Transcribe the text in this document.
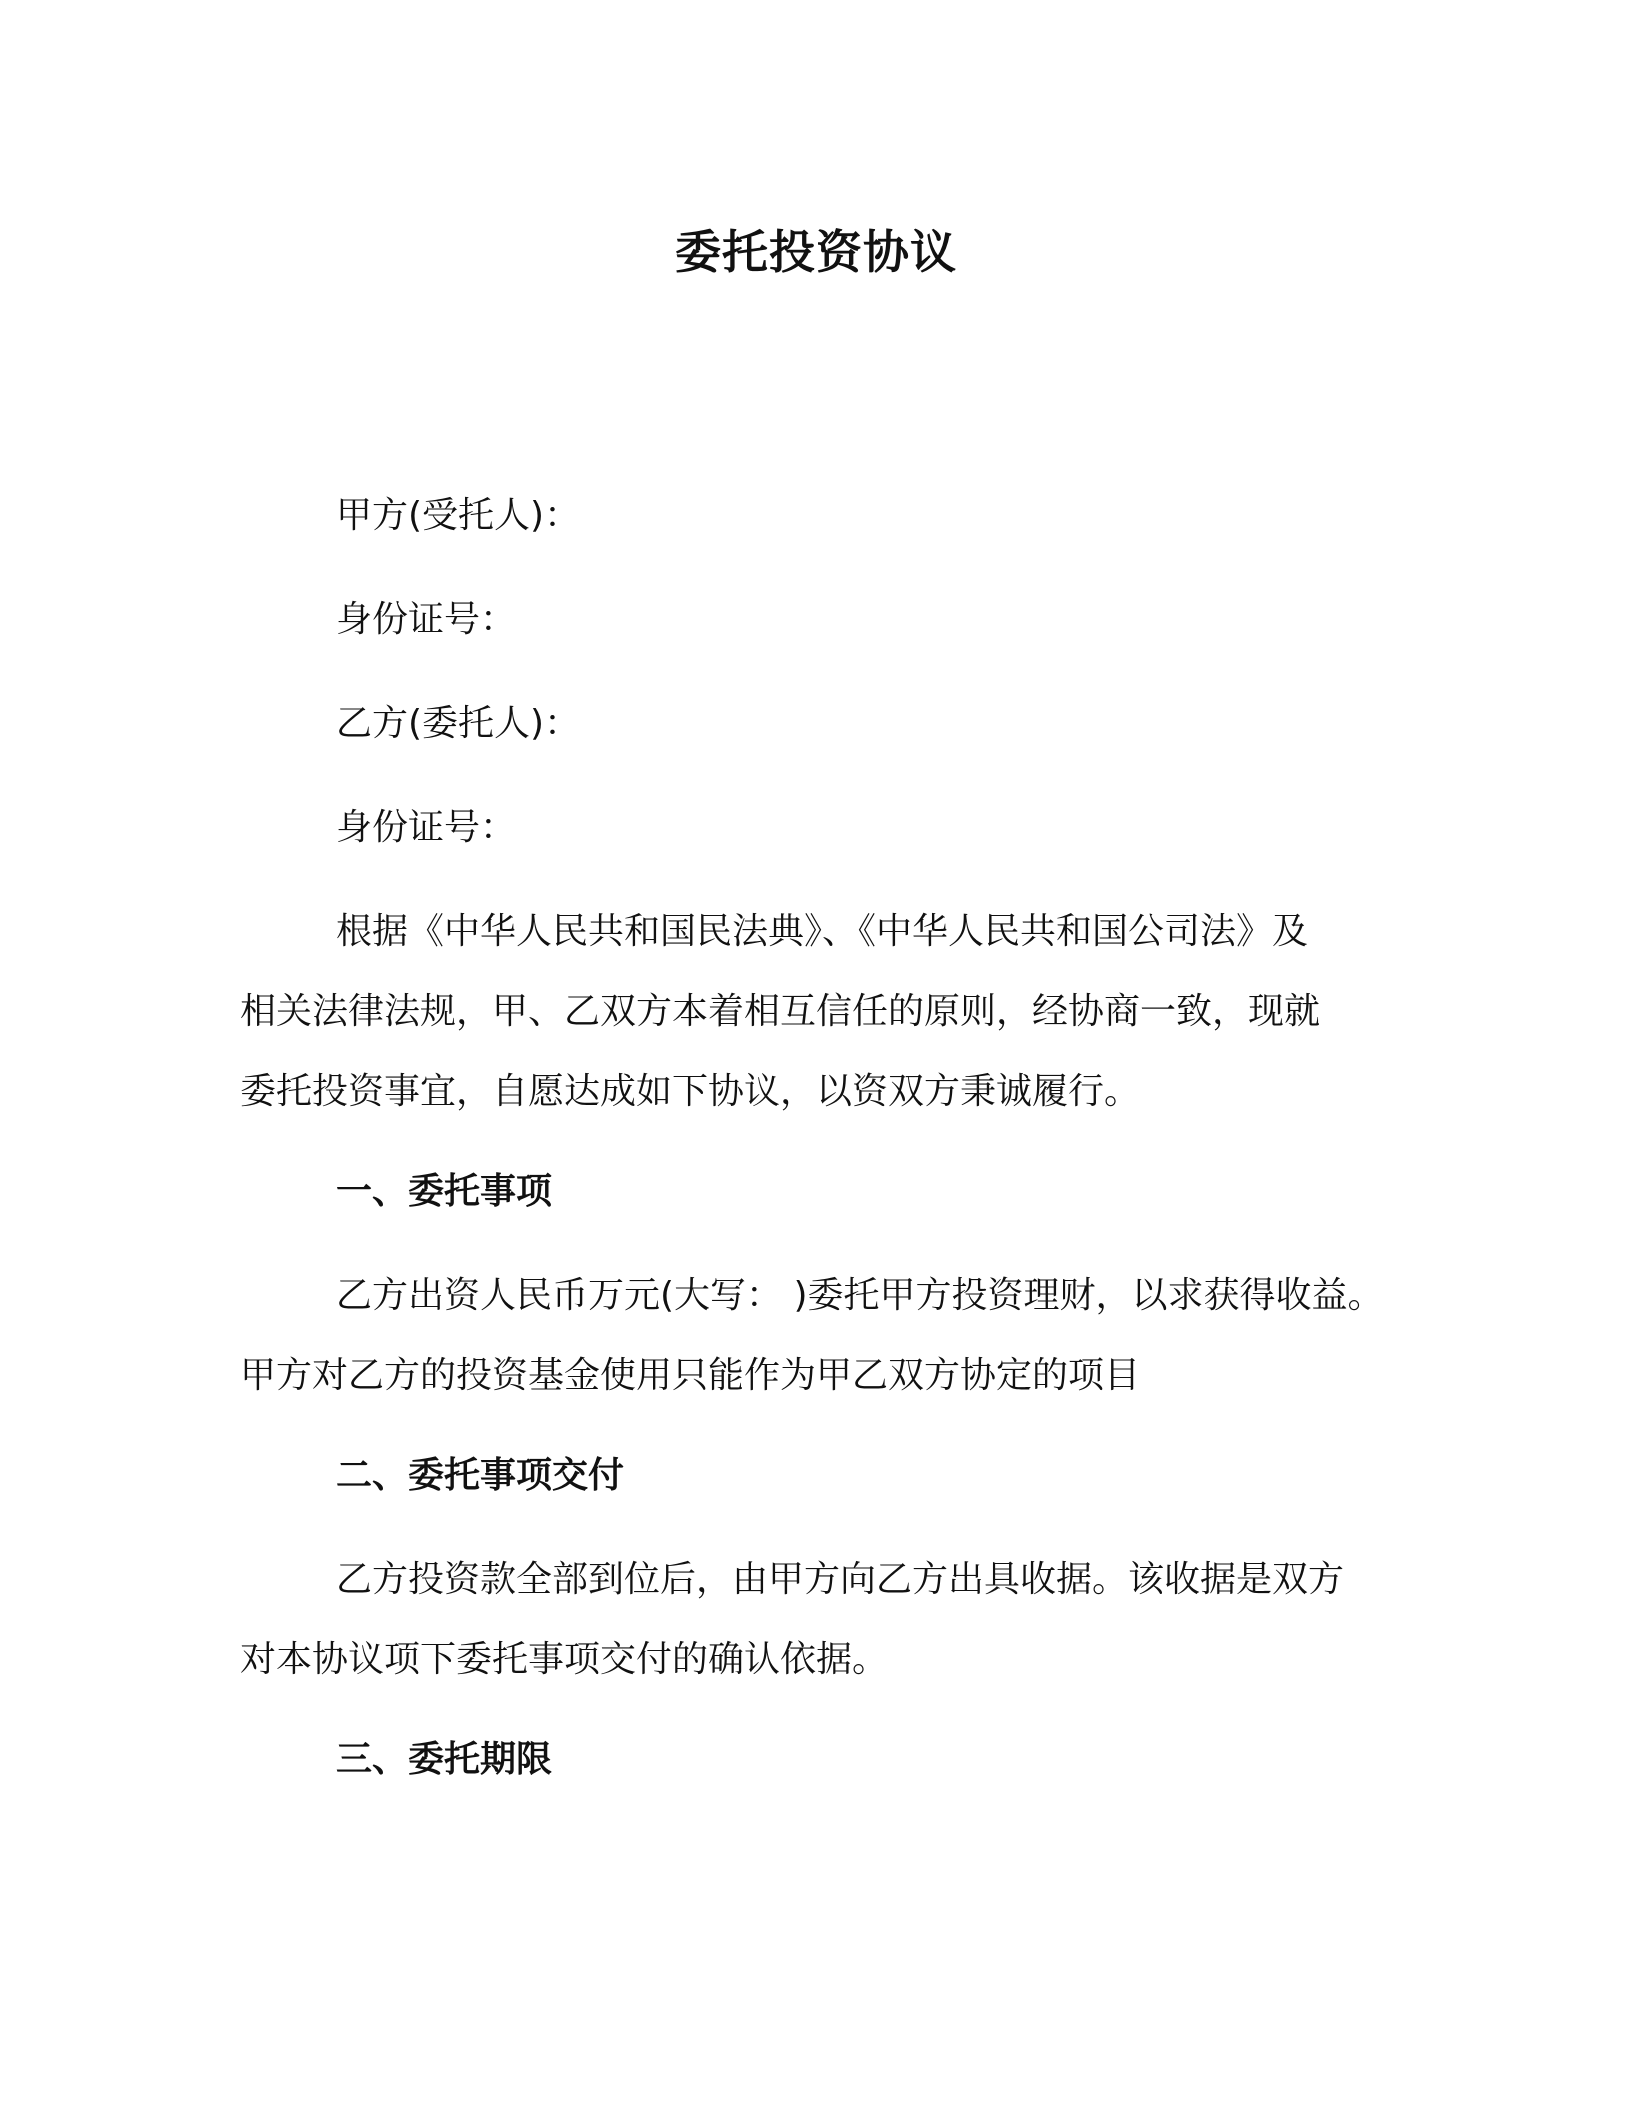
委托投资协议
甲方(受托人)：
身份证号：
乙方(委托人)：
身份证号：
根据《中华人民共和国民法典》、《中华人民共和国公司法》及
相关法律法规，甲、乙双方本着相互信任的原则，经协商一致，现就
委托投资事宜，自愿达成如下协议，以资双方秉诚履行。
一、委托事项
乙方出资人民币万元(大写： )委托甲方投资理财，以求获得收益。
甲方对乙方的投资基金使用只能作为甲乙双方协定的项目
二、委托事项交付
乙方投资款全部到位后，由甲方向乙方出具收据。该收据是双方
对本协议项下委托事项交付的确认依据。
三、委托期限
